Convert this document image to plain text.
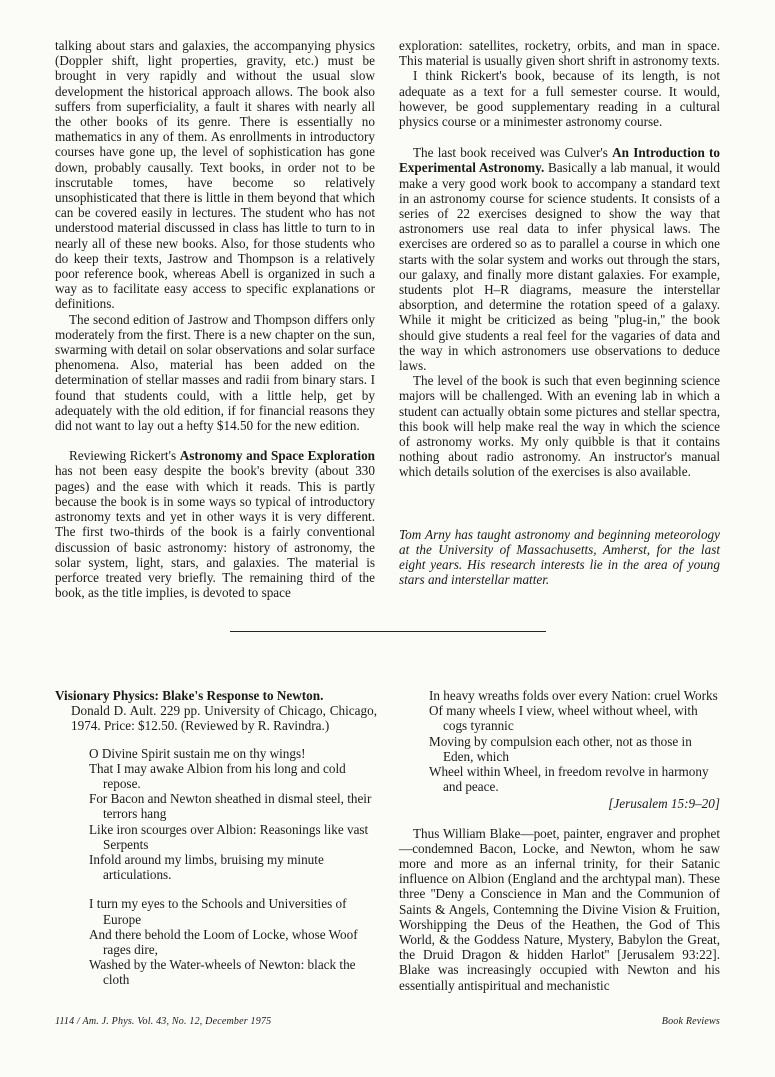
talking about stars and galaxies, the accompanying physics (Doppler shift, light properties, gravity, etc.) must be brought in very rapidly and without the usual slow development the historical approach allows. The book also suffers from superficiality, a fault it shares with nearly all the other books of its genre. There is essentially no mathematics in any of them. As enrollments in introductory courses have gone up, the level of sophistication has gone down, probably causally. Text books, in order not to be inscrutable tomes, have become so relatively unsophisticated that there is little in them beyond that which can be covered easily in lectures. The student who has not understood material discussed in class has little to turn to in nearly all of these new books. Also, for those students who do keep their texts, Jastrow and Thompson is a relatively poor reference book, whereas Abell is organized in such a way as to facilitate easy access to specific explanations or definitions.

The second edition of Jastrow and Thompson differs only moderately from the first. There is a new chapter on the sun, swarming with detail on solar observations and solar surface phenomena. Also, material has been added on the determination of stellar masses and radii from binary stars. I found that students could, with a little help, get by adequately with the old edition, if for financial reasons they did not want to lay out a hefty $14.50 for the new edition.

Reviewing Rickert's Astronomy and Space Exploration has not been easy despite the book's brevity (about 330 pages) and the ease with which it reads. This is partly because the book is in some ways so typical of introductory astronomy texts and yet in other ways it is very different. The first two-thirds of the book is a fairly conventional discussion of basic astronomy: history of astronomy, the solar system, light, stars, and galaxies. The material is perforce treated very briefly. The remaining third of the book, as the title implies, is devoted to space

exploration: satellites, rocketry, orbits, and man in space. This material is usually given short shrift in astronomy texts.

I think Rickert's book, because of its length, is not adequate as a text for a full semester course. It would, however, be good supplementary reading in a cultural physics course or a minimester astronomy course.

The last book received was Culver's An Introduction to Experimental Astronomy. Basically a lab manual, it would make a very good work book to accompany a standard text in an astronomy course for science students. It consists of a series of 22 exercises designed to show the way that astronomers use real data to infer physical laws. The exercises are ordered so as to parallel a course in which one starts with the solar system and works out through the stars, our galaxy, and finally more distant galaxies. For example, students plot H–R diagrams, measure the interstellar absorption, and determine the rotation speed of a galaxy. While it might be criticized as being ''plug-in,'' the book should give students a real feel for the vagaries of data and the way in which astronomers use observations to deduce laws.

The level of the book is such that even beginning science majors will be challenged. With an evening lab in which a student can actually obtain some pictures and stellar spectra, this book will help make real the way in which the science of astronomy works. My only quibble is that it contains nothing about radio astronomy. An instructor's manual which details solution of the exercises is also available.

Tom Arny has taught astronomy and beginning meteorology at the University of Massachusetts, Amherst, for the last eight years. His research interests lie in the area of young stars and interstellar matter.

Visionary Physics: Blake's Response to Newton.

Donald D. Ault. 229 pp. University of Chicago, Chicago, 1974. Price: $12.50. (Reviewed by R. Ravindra.)

O Divine Spirit sustain me on thy wings!

That I may awake Albion from his long and cold repose.

For Bacon and Newton sheathed in dismal steel, their terrors hang

Like iron scourges over Albion: Reasonings like vast Serpents

Infold around my limbs, bruising my minute articulations.

I turn my eyes to the Schools and Universities of Europe

And there behold the Loom of Locke, whose Woof rages dire,

Washed by the Water-wheels of Newton: black the cloth

In heavy wreaths folds over every Nation: cruel Works

Of many wheels I view, wheel without wheel, with cogs tyrannic

Moving by compulsion each other, not as those in Eden, which

Wheel within Wheel, in freedom revolve in harmony and peace.

[Jerusalem 15:9–20]

Thus William Blake—poet, painter, engraver and prophet—condemned Bacon, Locke, and Newton, whom he saw more and more as an infernal trinity, for their Satanic influence on Albion (England and the archtypal man). These three ''Deny a Conscience in Man and the Communion of Saints & Angels, Contemning the Divine Vision & Fruition, Worshipping the Deus of the Heathen, the God of This World, & the Goddess Nature, Mystery, Babylon the Great, the Druid Dragon & hidden Harlot'' [Jerusalem 93:22]. Blake was increasingly occupied with Newton and his essentially antispiritual and mechanistic

1114 / Am. J. Phys. Vol. 43, No. 12, December 1975	Book Reviews
